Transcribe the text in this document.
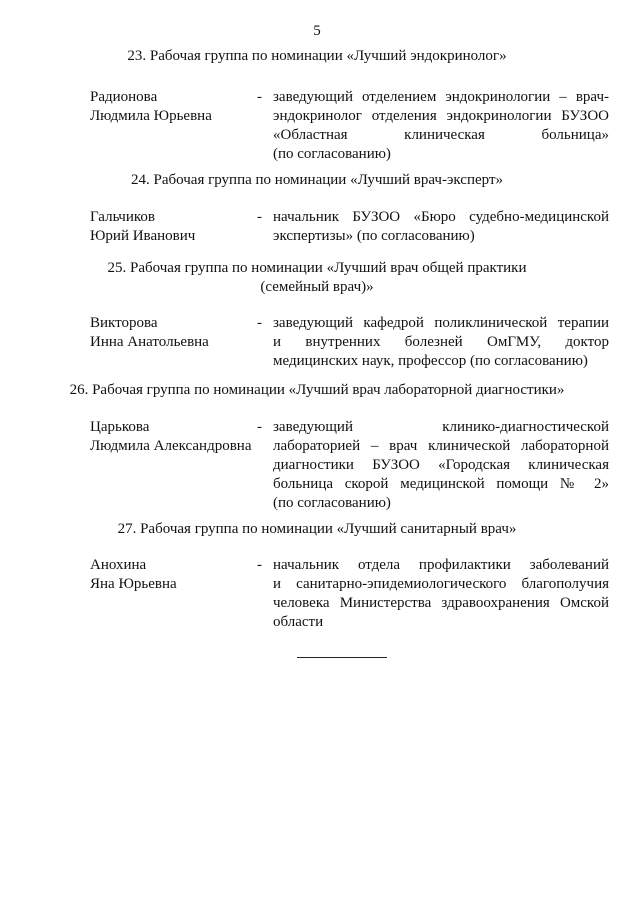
5
23. Рабочая группа по номинации «Лучший эндокринолог»
Радионова
Людмила Юрьевна
- заведующий отделением эндокринологии – врач-
эндокринолог отделения эндокринологии БУЗОО
«Областная клиническая больница»
(по согласованию)
24. Рабочая группа по номинации «Лучший врач-эксперт»
Гальчиков
Юрий Иванович
- начальник БУЗОО «Бюро судебно-медицинской
экспертизы» (по согласованию)
25. Рабочая группа по номинации «Лучший врач общей практики
(семейный врач)»
Викторова
Инна Анатольевна
- заведующий кафедрой поликлинической терапии
и внутренних болезней ОмГМУ, доктор
медицинских наук, профессор (по согласованию)
26. Рабочая группа по номинации «Лучший врач лабораторной диагностики»
Царькова
Людмила Александровна
- заведующий клинико-диагностической
лабораторией – врач клинической лабораторной
диагностики БУЗОО «Городская клиническая
больница скорой медицинской помощи № 2»
(по согласованию)
27. Рабочая группа по номинации «Лучший санитарный врач»
Анохина
Яна Юрьевна
- начальник отдела профилактики заболеваний
и санитарно-эпидемиологического благополучия
человека Министерства здравоохранения Омской
области
